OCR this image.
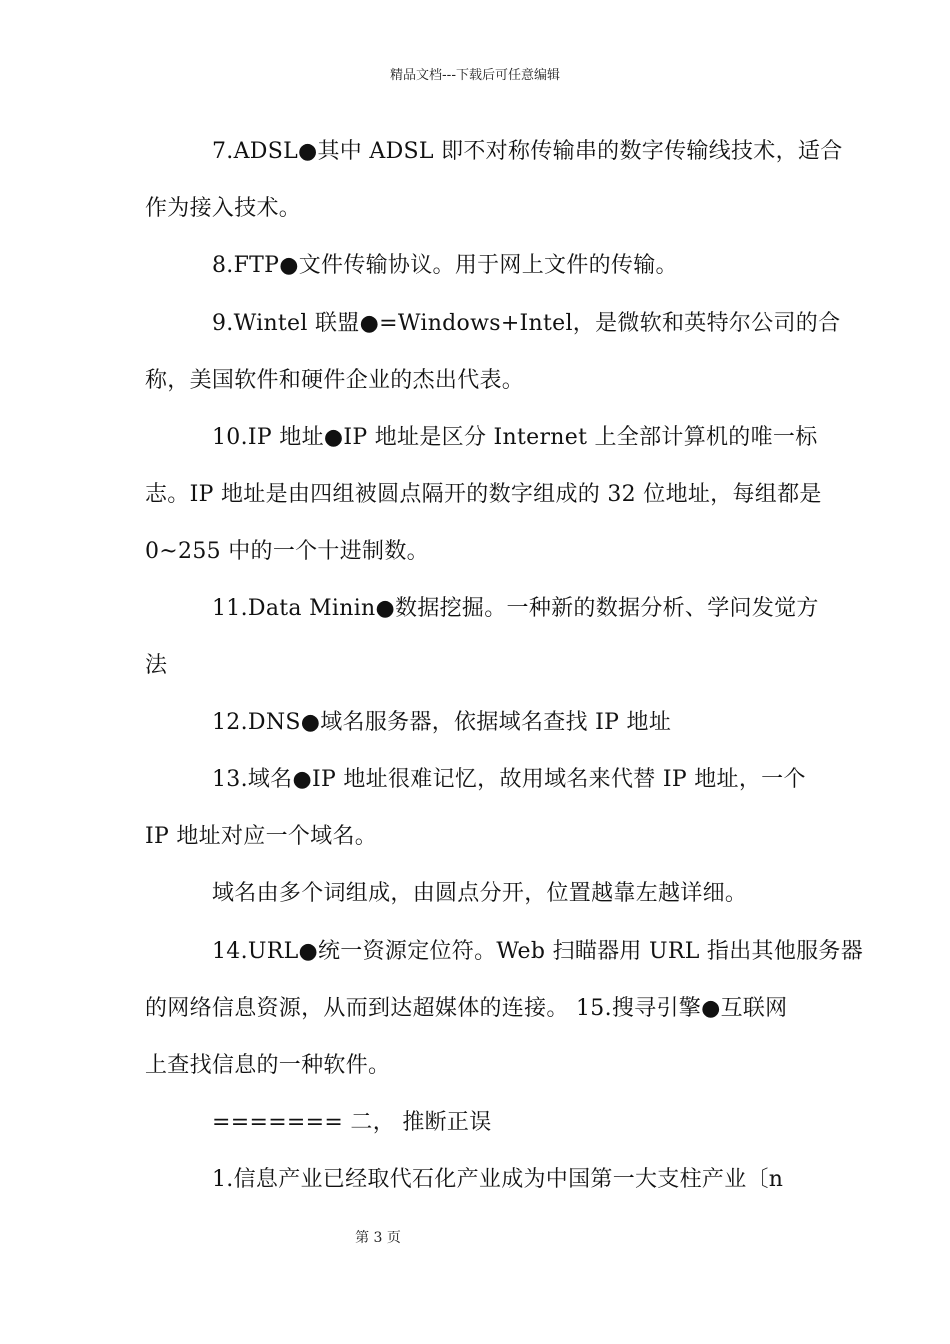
精品文档---下载后可任意编辑
7.ADSL●其中 ADSL 即不对称传输串的数字传输线技术，适合
作为接入技术。
8.FTP●文件传输协议。用于网上文件的传输。
9.Wintel 联盟●=Windows+Intel，是微软和英特尔公司的合
称，美国软件和硬件企业的杰出代表。
10.IP 地址●IP 地址是区分 Internet 上全部计算机的唯一标
志。IP 地址是由四组被圆点隔开的数字组成的 32 位地址，每组都是
0~255 中的一个十进制数。
11.Data Minin●数据挖掘。一种新的数据分析、学问发觉方
法
12.DNS●域名服务器，依据域名查找 IP 地址
13.域名●IP 地址很难记忆，故用域名来代替 IP 地址，一个
IP 地址对应一个域名。
域名由多个词组成，由圆点分开，位置越靠左越详细。
14.URL●统一资源定位符。Web 扫瞄器用 URL 指出其他服务器
的网络信息资源，从而到达超媒体的连接。 15.搜寻引擎●互联网
上查找信息的一种软件。
======= 二， 推断正误
1.信息产业已经取代石化产业成为中国第一大支柱产业〔n
第 3 页
